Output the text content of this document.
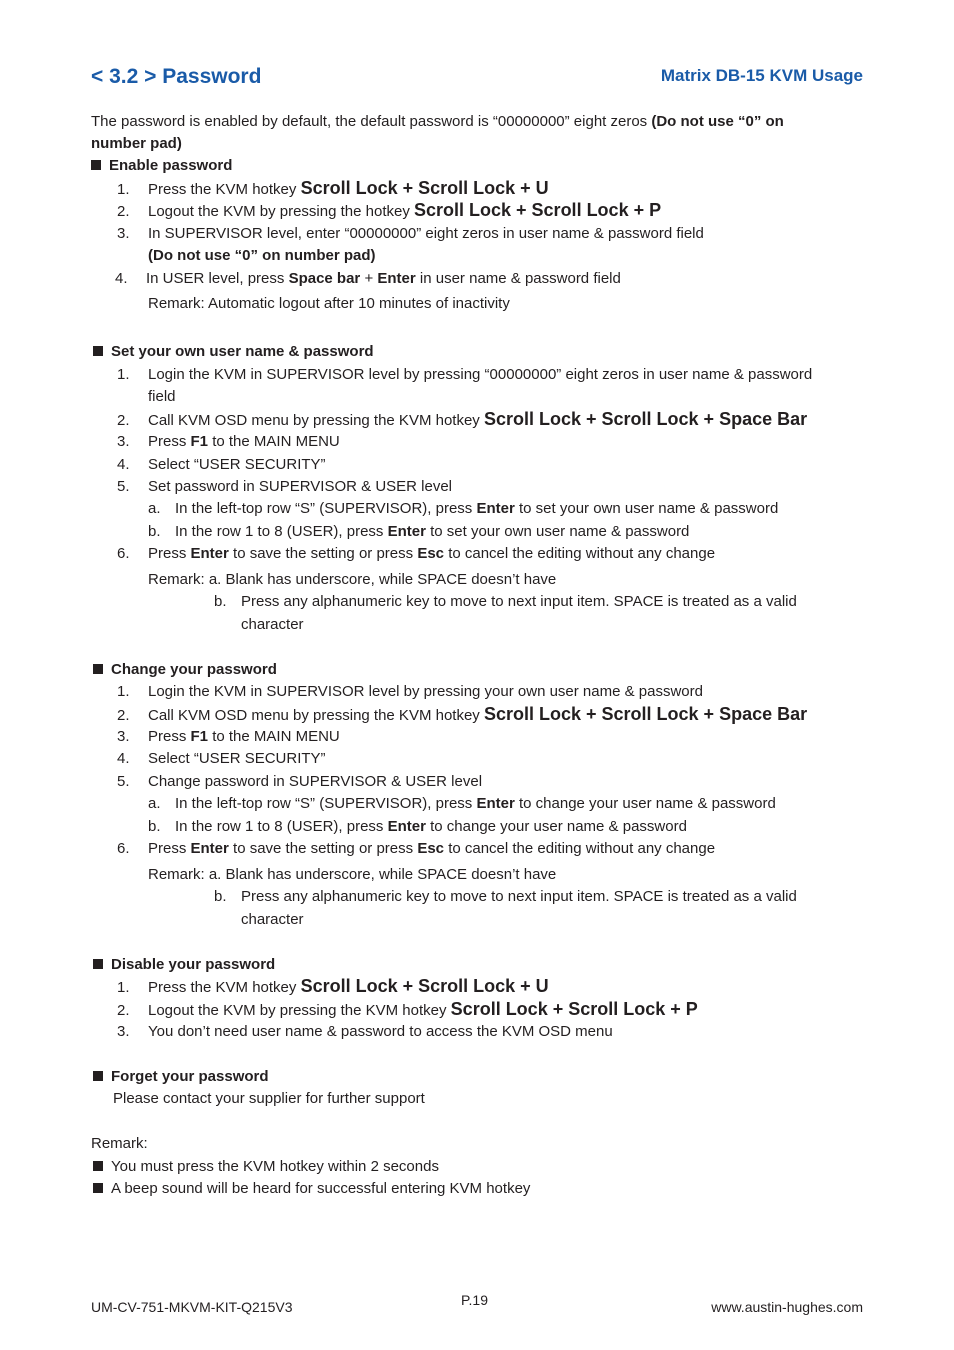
< 3.2 > Password	Matrix DB-15 KVM Usage
The password is enabled by default, the default password is “00000000” eight zeros (Do not use “0” on
number pad)
Enable password
1. Press the KVM hotkey Scroll Lock + Scroll Lock + U
2. Logout the KVM by pressing the hotkey Scroll Lock + Scroll Lock + P
3. In SUPERVISOR level, enter “00000000” eight zeros in user name & password field
(Do not use “0” on number pad)
4. In USER level, press Space bar + Enter in user name & password field
Remark: Automatic logout after 10 minutes of inactivity
Set your own user name & password
1. Login the KVM in SUPERVISOR level by pressing “00000000” eight zeros in user name & password
field
2. Call KVM OSD menu by pressing the KVM hotkey Scroll Lock + Scroll Lock + Space Bar
3. Press F1 to the MAIN MENU
4. Select “USER SECURITY”
5. Set password in SUPERVISOR & USER level
a. In the left-top row “S” (SUPERVISOR), press Enter to set your own user name & password
b. In the row 1 to 8 (USER), press Enter to set your own user name & password
6. Press Enter to save the setting or press Esc to cancel the editing without any change
Remark: a. Blank has underscore, while SPACE doesn’t have
b. Press any alphanumeric key to move to next input item. SPACE is treated as a valid
character
Change your password
1. Login the KVM in SUPERVISOR level by pressing your own user name & password
2. Call KVM OSD menu by pressing the KVM hotkey Scroll Lock + Scroll Lock + Space Bar
3. Press F1 to the MAIN MENU
4. Select “USER SECURITY”
5. Change password in SUPERVISOR & USER level
a. In the left-top row “S” (SUPERVISOR), press Enter to change your user name & password
b. In the row 1 to 8 (USER), press Enter to change your user name & password
6. Press Enter to save the setting or press Esc to cancel the editing without any change
Remark: a. Blank has underscore, while SPACE doesn’t have
b. Press any alphanumeric key to move to next input item. SPACE is treated as a valid
character
Disable your password
1. Press the KVM hotkey Scroll Lock + Scroll Lock + U
2. Logout the KVM by pressing the KVM hotkey Scroll Lock + Scroll Lock + P
3. You don’t need user name & password to access the KVM OSD menu
Forget your password
Please contact your supplier for further support
Remark:
You must press the KVM hotkey within 2 seconds
A beep sound will be heard for successful entering KVM hotkey
UM-CV-751-MKVM-KIT-Q215V3	P.19	www.austin-hughes.com
